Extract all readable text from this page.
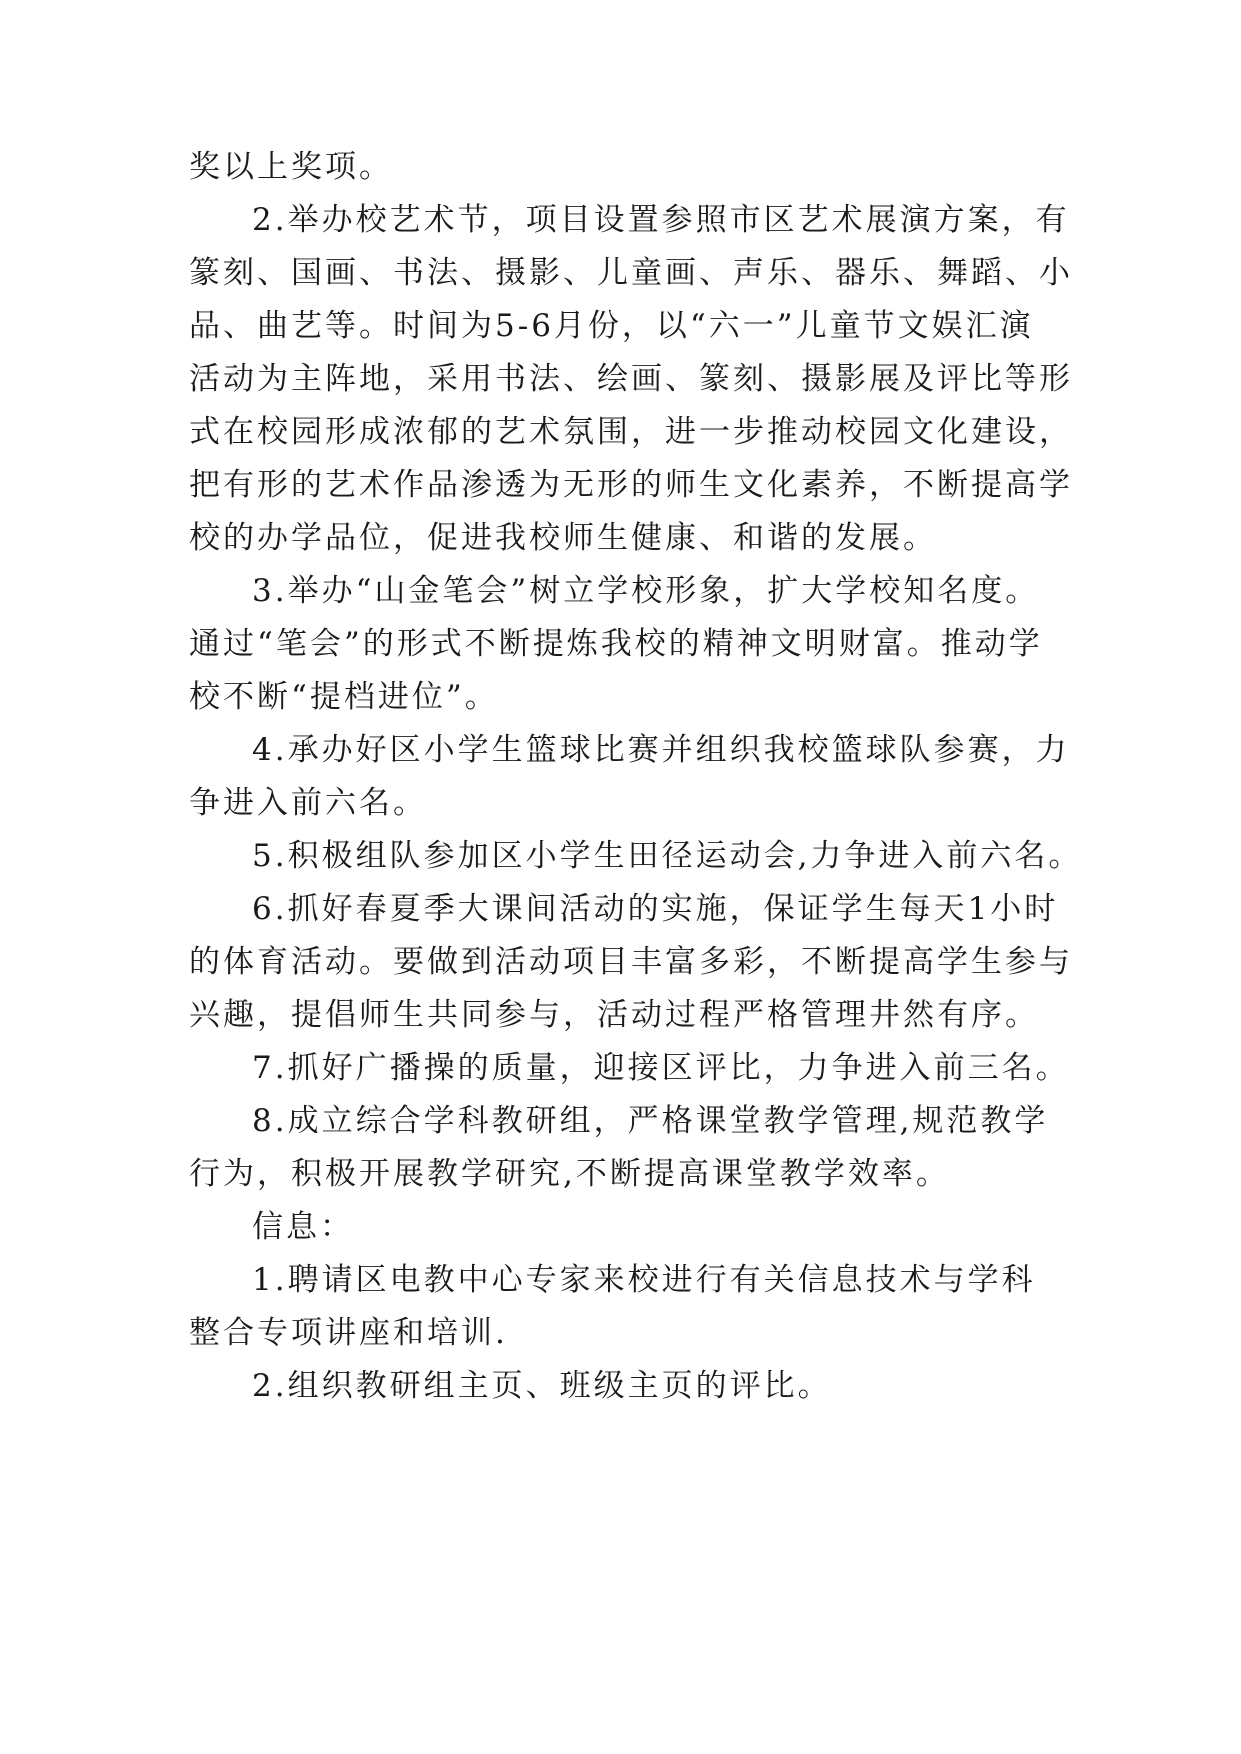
奖以上奖项。
2.举办校艺术节，项目设置参照市区艺术展演方案，有
篆刻、国画、书法、摄影、儿童画、声乐、器乐、舞蹈、小
品、曲艺等。时间为5-6月份，以“六一”儿童节文娱汇演
活动为主阵地，采用书法、绘画、篆刻、摄影展及评比等形
式在校园形成浓郁的艺术氛围，进一步推动校园文化建设，
把有形的艺术作品渗透为无形的师生文化素养，不断提高学
校的办学品位，促进我校师生健康、和谐的发展。
3.举办“山金笔会”树立学校形象，扩大学校知名度。
通过“笔会”的形式不断提炼我校的精神文明财富。推动学
校不断“提档进位”。
4.承办好区小学生篮球比赛并组织我校篮球队参赛，力
争进入前六名。
5.积极组队参加区小学生田径运动会,力争进入前六名。
6.抓好春夏季大课间活动的实施，保证学生每天1小时
的体育活动。要做到活动项目丰富多彩，不断提高学生参与
兴趣，提倡师生共同参与，活动过程严格管理井然有序。
7.抓好广播操的质量，迎接区评比，力争进入前三名。
8.成立综合学科教研组，严格课堂教学管理,规范教学
行为，积极开展教学研究,不断提高课堂教学效率。
信息：
1.聘请区电教中心专家来校进行有关信息技术与学科
整合专项讲座和培训.
2.组织教研组主页、班级主页的评比。
